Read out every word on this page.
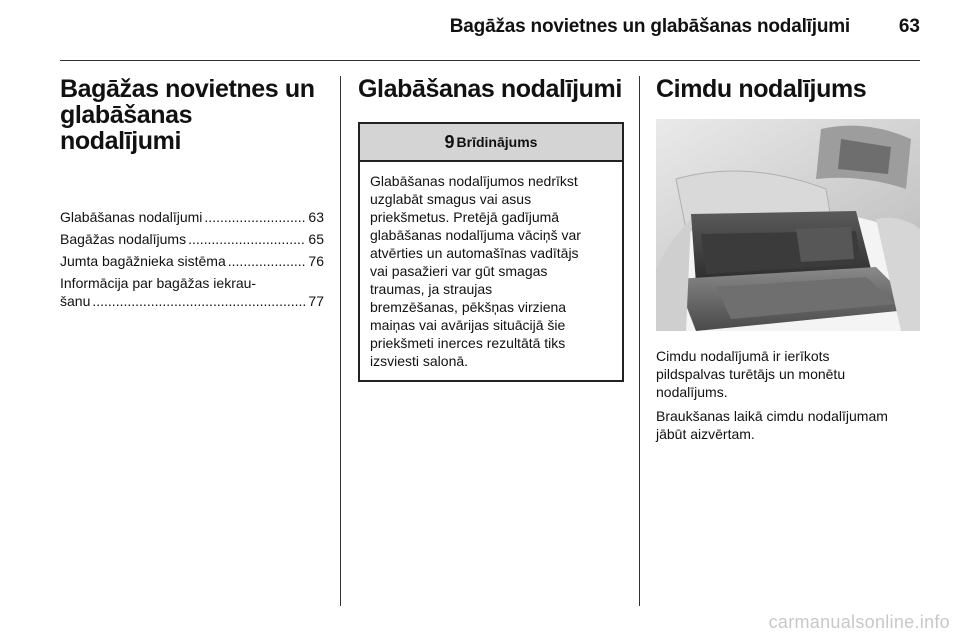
Bagāžas novietnes un glabāšanas nodalījumi	63
Bagāžas novietnes un
glabāšanas
nodalījumi
Glabāšanas nodalījumi .....	63
Bagāžas nodalījums .....	65
Jumta bagāžnieka sistēma .....	76
Informācija par bagāžas iekrau-
šanu .....	77
Glabāšanas nodalījumi
9 Brīdinājums
Glabāšanas nodalījumos nedrīkst
uzglabāt smagus vai asus
priekšmetus. Pretējā gadījumā
glabāšanas nodalījuma vāciņš var
atvērties un automašīnas vadītājs
vai pasažieri var gūt smagas
traumas, ja straujas
bremzēšanas, pēkšņas virziena
maiņas vai avārijas situācijā šie
priekšmeti inerces rezultātā tiks
izsviesti salonā.
Cimdu nodalījums
Cimdu nodalījumā ir ierīkots
pildspalvas turētājs un monētu
nodalījums.
Braukšanas laikā cimdu nodalījumam
jābūt aizvērtam.
carmanualsonline.info
